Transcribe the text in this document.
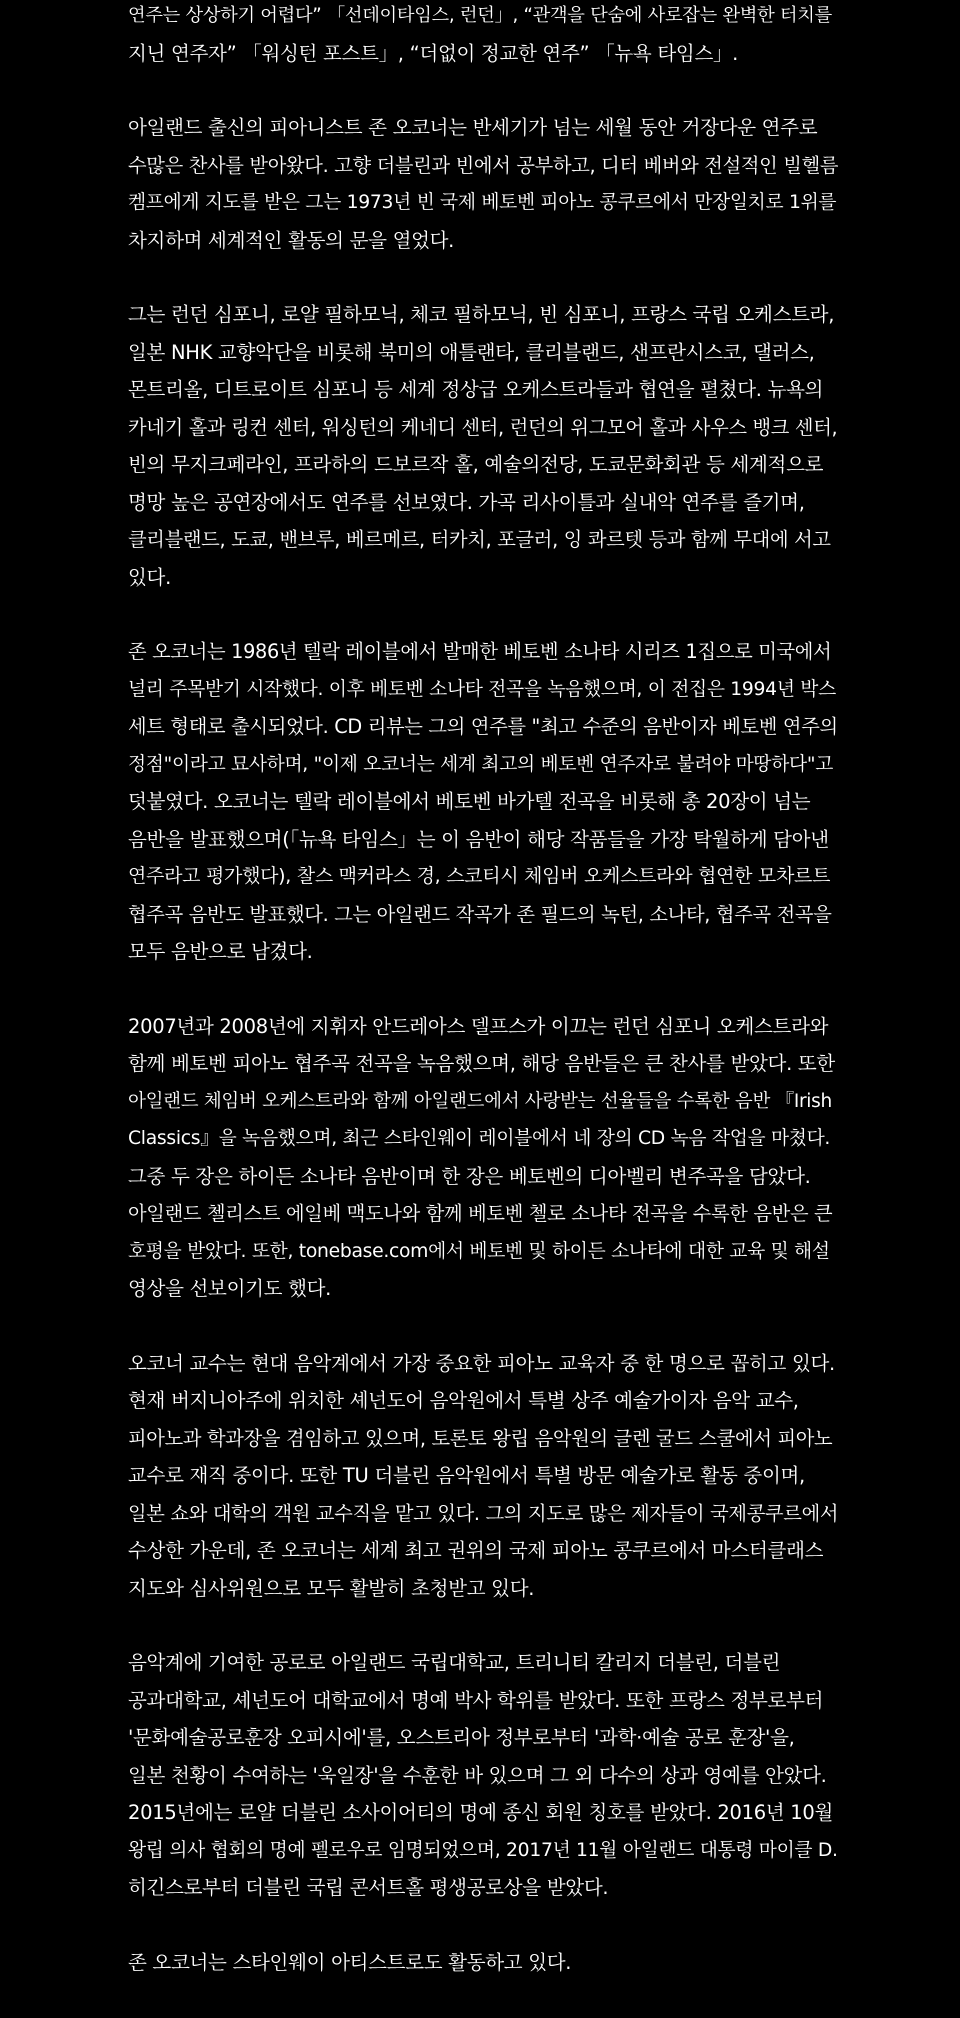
연주는 상상하기 어렵다” 「선데이타임스, 런던」, “관객을 단숨에 사로잡는 완벽한 터치를
지닌 연주자” 「워싱턴 포스트」, “더없이 정교한 연주” 「뉴욕 타임스」.

아일랜드 출신의 피아니스트 존 오코너는 반세기가 넘는 세월 동안 거장다운 연주로
수많은 찬사를 받아왔다. 고향 더블린과 빈에서 공부하고, 디터 베버와 전설적인 빌헬름
켐프에게 지도를 받은 그는 1973년 빈 국제 베토벤 피아노 콩쿠르에서 만장일치로 1위를
차지하며 세계적인 활동의 문을 열었다.

그는 런던 심포니, 로얄 필하모닉, 체코 필하모닉, 빈 심포니, 프랑스 국립 오케스트라,
일본 NHK 교향악단을 비롯해 북미의 애틀랜타, 클리블랜드, 샌프란시스코, 댈러스,
몬트리올, 디트로이트 심포니 등 세계 정상급 오케스트라들과 협연을 펼쳤다. 뉴욕의
카네기 홀과 링컨 센터, 워싱턴의 케네디 센터, 런던의 위그모어 홀과 사우스 뱅크 센터,
빈의 무지크페라인, 프라하의 드보르작 홀, 예술의전당, 도쿄문화회관 등 세계적으로
명망 높은 공연장에서도 연주를 선보였다. 가곡 리사이틀과 실내악 연주를 즐기며,
클리블랜드, 도쿄, 밴브루, 베르메르, 터카치, 포글러, 잉 콰르텟 등과 함께 무대에 서고
있다.

존 오코너는 1986년 텔락 레이블에서 발매한 베토벤 소나타 시리즈 1집으로 미국에서
널리 주목받기 시작했다. 이후 베토벤 소나타 전곡을 녹음했으며, 이 전집은 1994년 박스
세트 형태로 출시되었다. CD 리뷰는 그의 연주를 "최고 수준의 음반이자 베토벤 연주의
정점"이라고 묘사하며, "이제 오코너는 세계 최고의 베토벤 연주자로 불려야 마땅하다"고
덧붙였다. 오코너는 텔락 레이블에서 베토벤 바가텔 전곡을 비롯해 총 20장이 넘는
음반을 발표했으며(「뉴욕 타임스」는 이 음반이 해당 작품들을 가장 탁월하게 담아낸
연주라고 평가했다), 찰스 맥커라스 경, 스코티시 체임버 오케스트라와 협연한 모차르트
협주곡 음반도 발표했다. 그는 아일랜드 작곡가 존 필드의 녹턴, 소나타, 협주곡 전곡을
모두 음반으로 남겼다.

2007년과 2008년에 지휘자 안드레아스 델프스가 이끄는 런던 심포니 오케스트라와
함께 베토벤 피아노 협주곡 전곡을 녹음했으며, 해당 음반들은 큰 찬사를 받았다. 또한
아일랜드 체임버 오케스트라와 함께 아일랜드에서 사랑받는 선율들을 수록한 음반 『Irish
Classics』을 녹음했으며, 최근 스타인웨이 레이블에서 네 장의 CD 녹음 작업을 마쳤다.
그중 두 장은 하이든 소나타 음반이며 한 장은 베토벤의 디아벨리 변주곡을 담았다.
아일랜드 첼리스트 에일베 맥도나와 함께 베토벤 첼로 소나타 전곡을 수록한 음반은 큰
호평을 받았다. 또한, tonebase.com에서 베토벤 및 하이든 소나타에 대한 교육 및 해설
영상을 선보이기도 했다.

오코너 교수는 현대 음악계에서 가장 중요한 피아노 교육자 중 한 명으로 꼽히고 있다.
현재 버지니아주에 위치한 셰넌도어 음악원에서 특별 상주 예술가이자 음악 교수,
피아노과 학과장을 겸임하고 있으며, 토론토 왕립 음악원의 글렌 굴드 스쿨에서 피아노
교수로 재직 중이다. 또한 TU 더블린 음악원에서 특별 방문 예술가로 활동 중이며,
일본 쇼와 대학의 객원 교수직을 맡고 있다. 그의 지도로 많은 제자들이 국제콩쿠르에서
수상한 가운데, 존 오코너는 세계 최고 권위의 국제 피아노 콩쿠르에서 마스터클래스
지도와 심사위원으로 모두 활발히 초청받고 있다.

음악계에 기여한 공로로 아일랜드 국립대학교, 트리니티 칼리지 더블린, 더블린
공과대학교, 셰넌도어 대학교에서 명예 박사 학위를 받았다. 또한 프랑스 정부로부터
'문화예술공로훈장 오피시에'를, 오스트리아 정부로부터 '과학·예술 공로 훈장'을,
일본 천황이 수여하는 '욱일장'을 수훈한 바 있으며 그 외 다수의 상과 영예를 안았다.
2015년에는 로얄 더블린 소사이어티의 명예 종신 회원 칭호를 받았다. 2016년 10월
왕립 의사 협회의 명예 펠로우로 임명되었으며, 2017년 11월 아일랜드 대통령 마이클 D.
히긴스로부터 더블린 국립 콘서트홀 평생공로상을 받았다.

존 오코너는 스타인웨이 아티스트로도 활동하고 있다.
